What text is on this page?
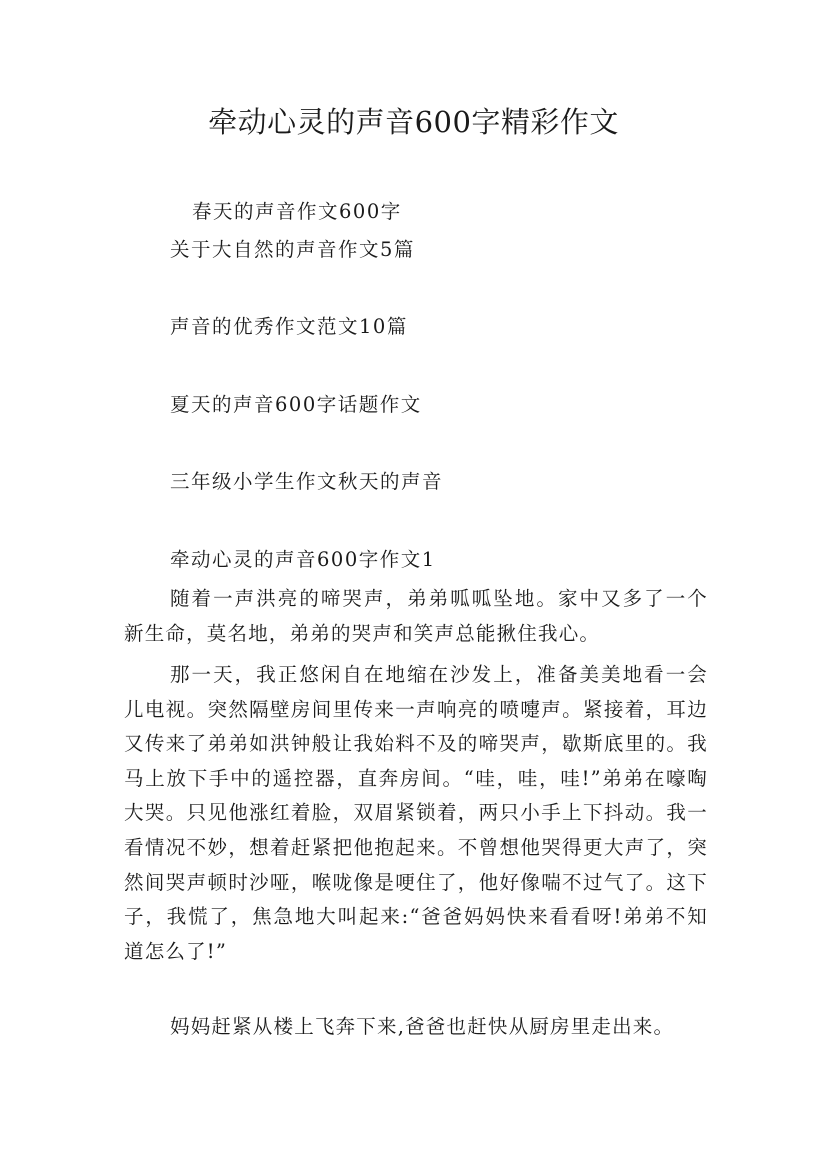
牵动心灵的声音600字精彩作文
春天的声音作文600字
关于大自然的声音作文5篇
声音的优秀作文范文10篇
夏天的声音600字话题作文
三年级小学生作文秋天的声音
牵动心灵的声音600字作文1

随着一声洪亮的啼哭声，弟弟呱呱坠地。家中又多了一个新生命，莫名地，弟弟的哭声和笑声总能揪住我心。

那一天，我正悠闲自在地缩在沙发上，准备美美地看一会儿电视。突然隔壁房间里传来一声响亮的喷嚏声。紧接着，耳边又传来了弟弟如洪钟般让我始料不及的啼哭声，歇斯底里的。我马上放下手中的遥控器，直奔房间。“哇，哇，哇!”弟弟在嚎啕大哭。只见他涨红着脸，双眉紧锁着，两只小手上下抖动。我一看情况不妙，想着赶紧把他抱起来。不曾想他哭得更大声了，突然间哭声顿时沙哑，喉咙像是哽住了，他好像喘不过气了。这下子，我慌了，焦急地大叫起来:“爸爸妈妈快来看看呀!弟弟不知道怎么了!”

妈妈赶紧从楼上飞奔下来,爸爸也赶快从厨房里走出来。
